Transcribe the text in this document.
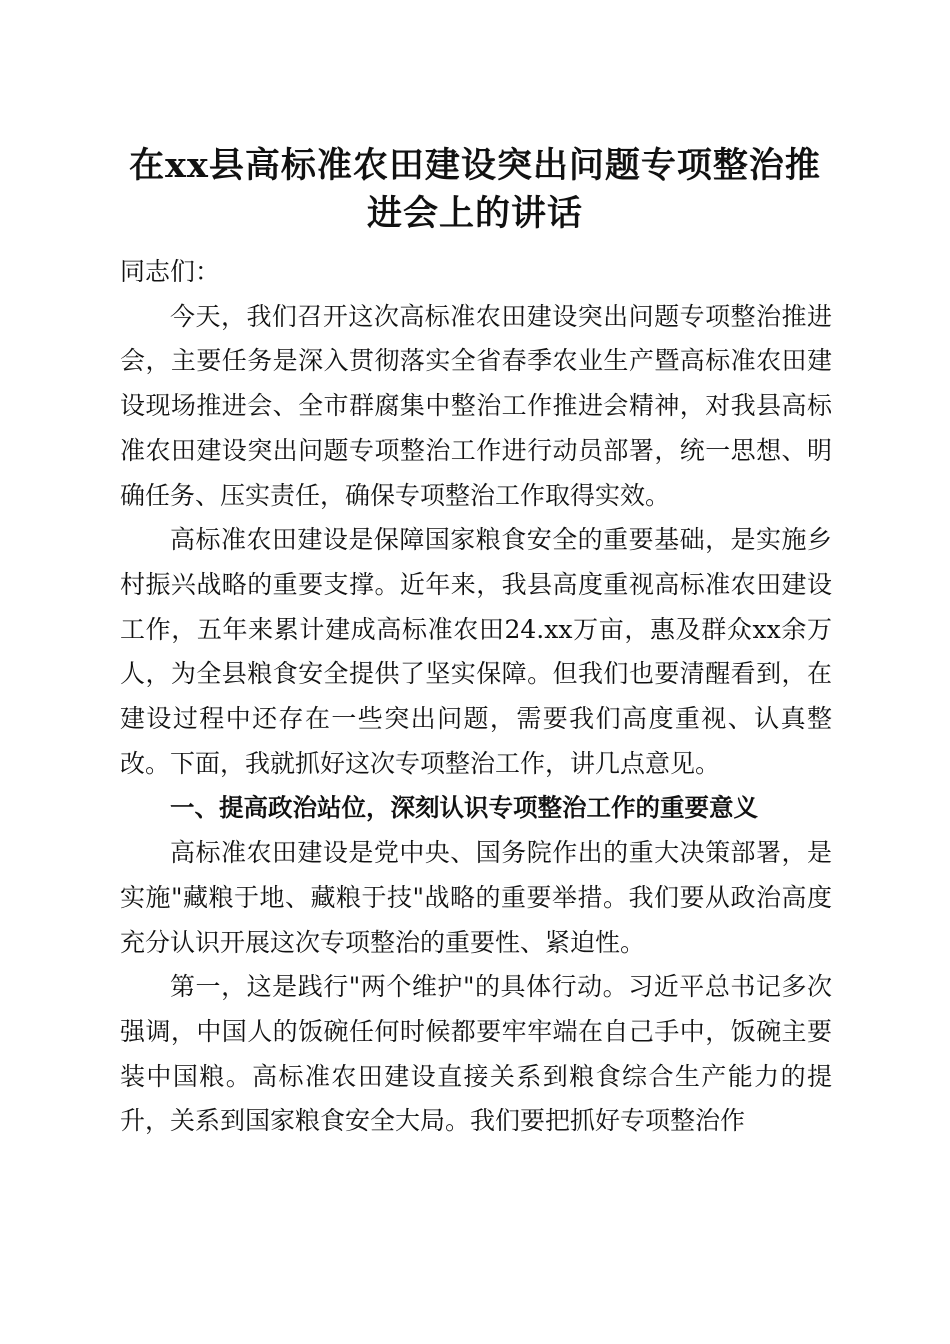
在xx县高标准农田建设突出问题专项整治推
进会上的讲话

同志们：

今天，我们召开这次高标准农田建设突出问题专项整治推进会，主要任务是深入贯彻落实全省春季农业生产暨高标准农田建设现场推进会、全市群腐集中整治工作推进会精神，对我县高标准农田建设突出问题专项整治工作进行动员部署，统一思想、明确任务、压实责任，确保专项整治工作取得实效。

高标准农田建设是保障国家粮食安全的重要基础，是实施乡村振兴战略的重要支撑。近年来，我县高度重视高标准农田建设工作，五年来累计建成高标准农田24.xx万亩，惠及群众xx余万人，为全县粮食安全提供了坚实保障。但我们也要清醒看到，在建设过程中还存在一些突出问题，需要我们高度重视、认真整改。下面，我就抓好这次专项整治工作，讲几点意见。

一、提高政治站位，深刻认识专项整治工作的重要意义

高标准农田建设是党中央、国务院作出的重大决策部署，是实施"藏粮于地、藏粮于技"战略的重要举措。我们要从政治高度充分认识开展这次专项整治的重要性、紧迫性。

第一，这是践行"两个维护"的具体行动。习近平总书记多次强调，中国人的饭碗任何时候都要牢牢端在自己手中，饭碗主要装中国粮。高标准农田建设直接关系到粮食综合生产能力的提升，关系到国家粮食安全大局。我们要把抓好专项整治作
